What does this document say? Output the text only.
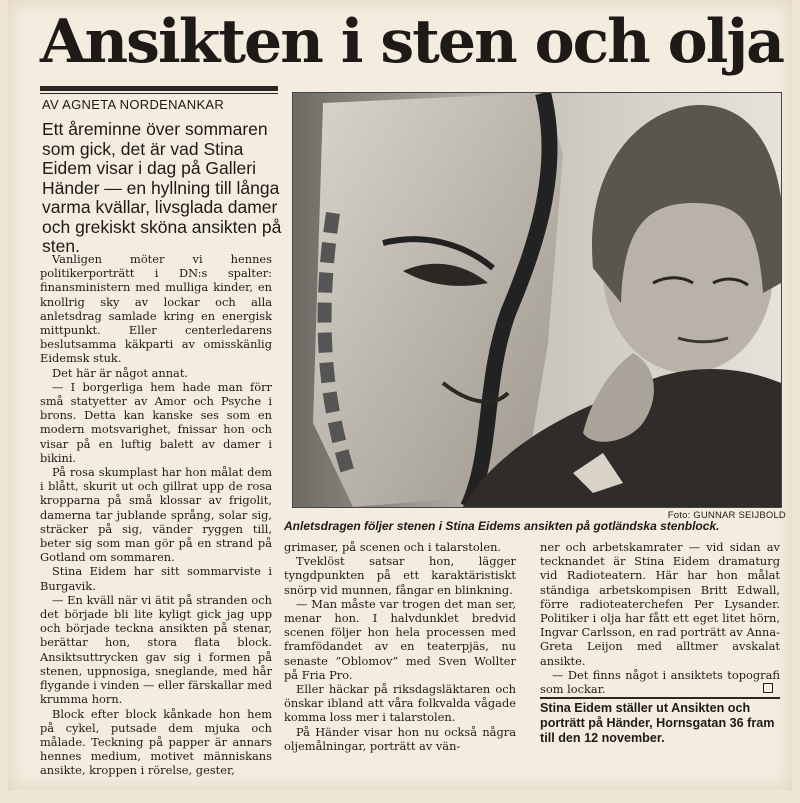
Ansikten i sten och olja
AV AGNETA NORDENANKAR
Ett åreminne över sommaren som gick, det är vad Stina Eidem visar i dag på Galleri Händer — en hyllning till långa varma kvällar, livsglada damer och grekiskt sköna ansikten på sten.

Vanligen möter vi hennes politikerporträtt i DN:s spalter: finansministern med mulliga kinder, en knollrig sky av lockar och alla anletsdrag samlade kring en energisk mittpunkt. Eller centerledarens beslutsamma käkparti av omisskänlig Eidemsk stuk.

Det här är något annat.

— I borgerliga hem hade man förr små statyetter av Amor och Psyche i brons. Detta kan kanske ses som en modern motsvarighet, fnissar hon och visar på en luftig balett av damer i bikini.

På rosa skumplast har hon målat dem i blått, skurit ut och gillrat upp de rosa kropparna på små klossar av frigolit, damerna tar jublande språng, solar sig, sträcker på sig, vänder ryggen till, beter sig som man gör på en strand på Gotland om sommaren.

Stina Eidem har sitt sommarviste i Burgavik.

— En kväll när vi ätit på stranden och det började bli lite kyligt gick jag upp och började teckna ansikten på stenar, berättar hon, stora flata block. Ansiktsuttrycken gav sig i formen på stenen, uppnosiga, sneglande, med hår flygande i vinden — eller färskallar med krumma horn.

Block efter block kånkade hon hem på cykel, putsade dem mjuka och målade. Teckning på papper är annars hennes medium, motivet människans ansikte, kroppen i rörelse, gester,

Foto: GUNNAR SEIJBOLD
Anletsdragen följer stenen i Stina Eidems ansikten på gotländska stenblock.

grimaser, på scenen och i talarstolen.

Tveklöst satsar hon, lägger tyngdpunkten på ett karaktäristiskt snörp vid munnen, fångar en blinkning.

— Man måste var trogen det man ser, menar hon. I halvdunklet bredvid scenen följer hon hela processen med framfödandet av en teaterpjäs, nu senaste ”Oblomov” med Sven Wollter på Fria Pro.

Eller häckar på riksdagsläktaren och önskar ibland att våra folkvalda vågade komma loss mer i talarstolen.

På Händer visar hon nu också några oljemålningar, porträtt av vän-

ner och arbetskamrater — vid sidan av tecknandet är Stina Eidem dramaturg vid Radioteatern. Här har hon målat ständiga arbetskompisen Britt Edwall, förre radioteaterchefen Per Lysander. Politiker i olja har fått ett eget litet hörn, Ingvar Carlsson, en rad porträtt av Anna-Greta Leijon med alltmer avskalat ansikte.

— Det finns något i ansiktets topografi som lockar.

Stina Eidem ställer ut Ansikten och porträtt på Händer, Hornsgatan 36 fram till den 12 november.
